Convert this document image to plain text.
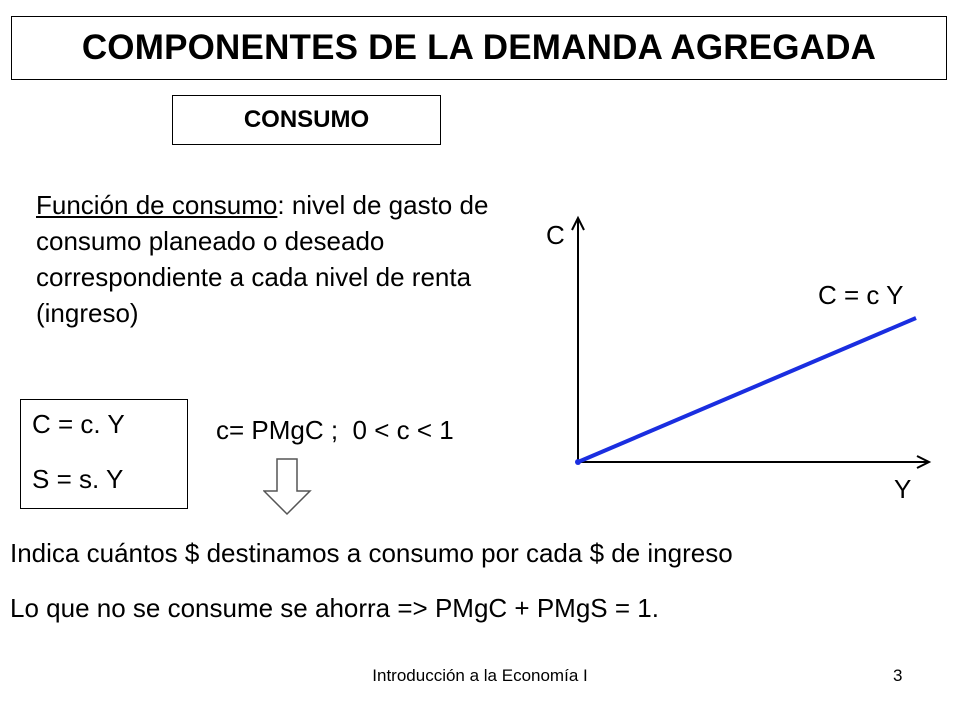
COMPONENTES DE LA DEMANDA AGREGADA
CONSUMO
Función de consumo: nivel de gasto de consumo planeado o deseado correspondiente a cada nivel de renta (ingreso)
C = c. Y
S = s. Y
c= PMgC ;  0 < c < 1
Indica cuántos $ destinamos a consumo por cada $ de ingreso
Lo que no se consume se ahorra => PMgC + PMgS = 1.
C
Y
C = c Y
Introducción a la Economía I	3
